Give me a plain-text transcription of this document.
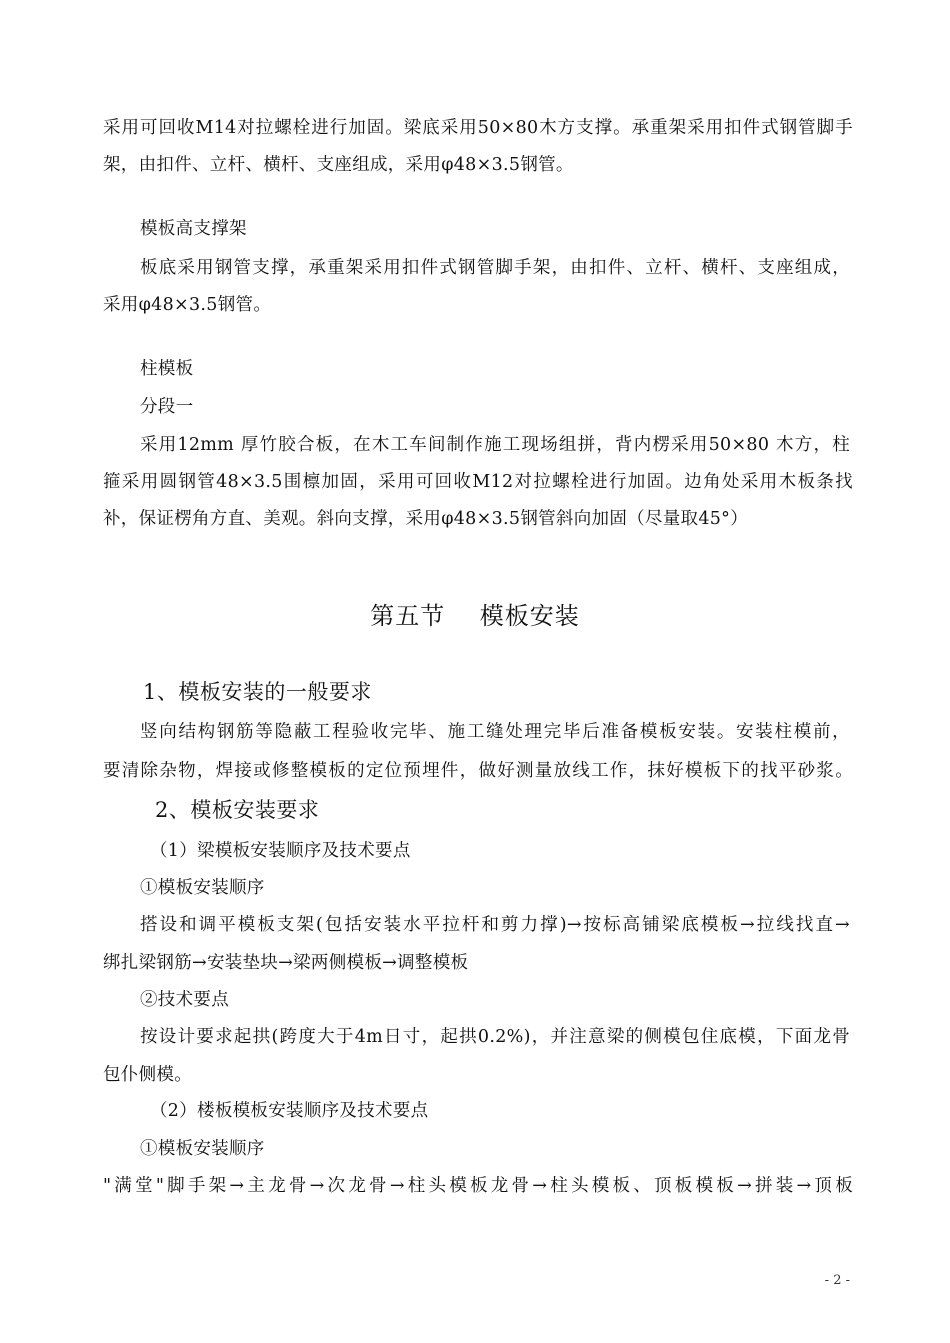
采用可回收M14对拉螺栓进行加固。梁底采用50×80木方支撑。承重架采用扣件式钢管脚手
架，由扣件、立杆、横杆、支座组成，采用φ48×3.5钢管。
模板高支撑架
板底采用钢管支撑，承重架采用扣件式钢管脚手架，由扣件、立杆、横杆、支座组成，
采用φ48×3.5钢管。
柱模板
分段一
采用12mm 厚竹胶合板，在木工车间制作施工现场组拼，背内楞采用50×80 木方，柱
箍采用圆钢管48×3.5围檩加固，采用可回收M12对拉螺栓进行加固。边角处采用木板条找
补，保证楞角方直、美观。斜向支撑，采用φ48×3.5钢管斜向加固（尽量取45°）
第五节    模板安装
1、模板安装的一般要求
竖向结构钢筋等隐蔽工程验收完毕、施工缝处理完毕后准备模板安装。安装柱模前，
要清除杂物，焊接或修整模板的定位预埋件，做好测量放线工作，抹好模板下的找平砂浆。
2、模板安装要求
（1）梁模板安装顺序及技术要点
①模板安装顺序
搭设和调平模板支架(包括安装水平拉杆和剪力撑)→按标高铺梁底模板→拉线找直→
绑扎梁钢筋→安装垫块→梁两侧模板→调整模板
②技术要点
按设计要求起拱(跨度大于4m日寸，起拱0.2%)，并注意梁的侧模包住底模，下面龙骨
包仆侧模。
（2）楼板模板安装顺序及技术要点
①模板安装顺序
"满堂"脚手架→主龙骨→次龙骨→柱头模板龙骨→柱头模板、顶板模板→拼装→顶板
- 2 -
